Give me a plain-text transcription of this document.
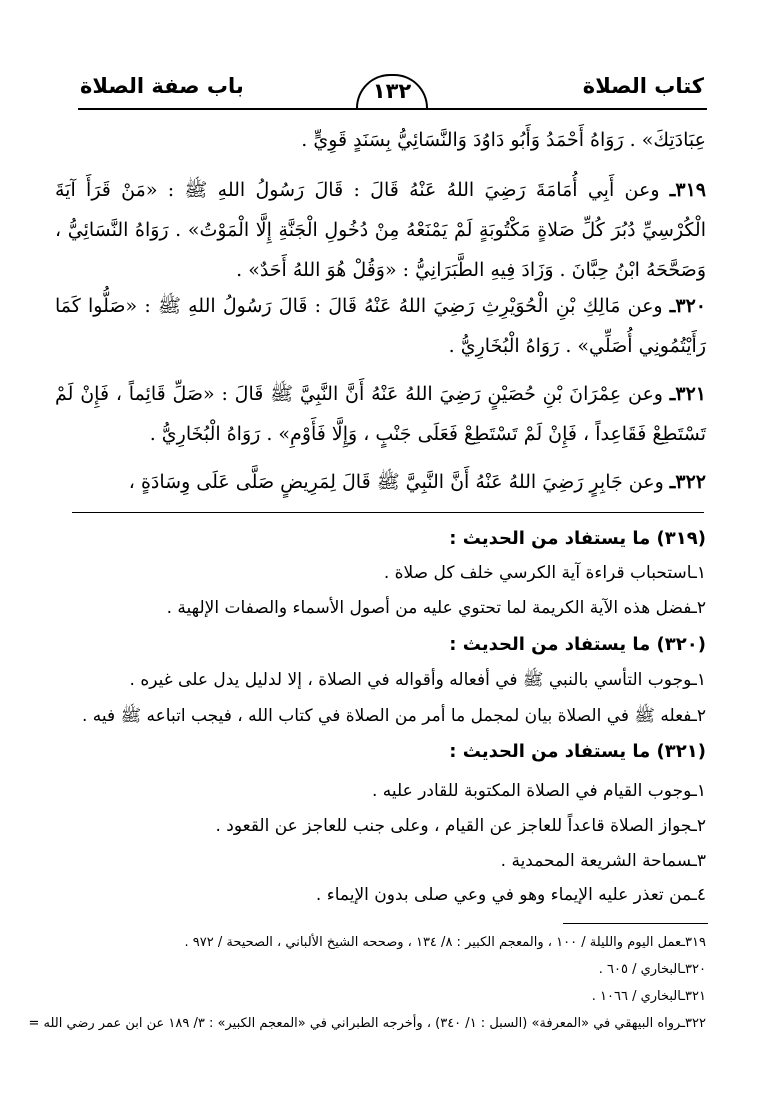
كتاب الصلاة
١٣٢
باب صفة الصلاة

عِبَادَتِكَ» . رَوَاهُ أَحْمَدُ وَأَبُو دَاوُدَ وَالنَّسَائِيُّ بِسَنَدٍ قَوِيٍّ .

٣١٩ـ وعن أَبِي أُمَامَةَ رَضِيَ اللهُ عَنْهُ قَالَ : قَالَ رَسُولُ اللهِ ﷺ : «مَنْ قَرَأَ آيَةَ الْكُرْسِيِّ دُبُرَ كُلِّ صَلاةٍ مَكْتُوبَةٍ لَمْ يَمْنَعْهُ مِنْ دُخُولِ الْجَنَّةِ إِلَّا الْمَوْتُ» . رَوَاهُ النَّسَائِيُّ ، وَصَحَّحَهُ ابْنُ حِبَّانَ . وَزَادَ فِيهِ الطَّبَرَانِيُّ : «وَقُلْ هُوَ اللهُ أَحَدٌ» .

٣٢٠ـ وعن مَالِكِ بْنِ الْحُوَيْرِثِ رَضِيَ اللهُ عَنْهُ قَالَ : قَالَ رَسُولُ اللهِ ﷺ : «صَلُّوا كَمَا رَأَيْتُمُونِي أُصَلِّي» . رَوَاهُ الْبُخَارِيُّ .

٣٢١ـ وعن عِمْرَانَ بْنِ حُصَيْنٍ رَضِيَ اللهُ عَنْهُ أَنَّ النَّبِيَّ ﷺ قَالَ : «صَلِّ قَائِماً ، فَإِنْ لَمْ تَسْتَطِعْ فَقَاعِداً ، فَإِنْ لَمْ تَسْتَطِعْ فَعَلَى جَنْبٍ ، وَإِلَّا فَأَوْمِ» . رَوَاهُ الْبُخَارِيُّ .

٣٢٢ـ وعن جَابِرٍ رَضِيَ اللهُ عَنْهُ أَنَّ النَّبِيَّ ﷺ قَالَ لِمَرِيضٍ صَلَّى عَلَى وِسَادَةٍ ،

(٣١٩) ما يستفاد من الحديث :
١ـاستحباب قراءة آية الكرسي خلف كل صلاة .
٢ـفضل هذه الآية الكريمة لما تحتوي عليه من أصول الأسماء والصفات الإلهية .
(٣٢٠) ما يستفاد من الحديث :
١ـوجوب التأسي بالنبي ﷺ في أفعاله وأقواله في الصلاة ، إلا لدليل يدل على غيره .
٢ـفعله ﷺ في الصلاة بيان لمجمل ما أمر من الصلاة في كتاب الله ، فيجب اتباعه ﷺ فيه .
(٣٢١) ما يستفاد من الحديث :
١ـوجوب القيام في الصلاة المكتوبة للقادر عليه .
٢ـجواز الصلاة قاعداً للعاجز عن القيام ، وعلى جنب للعاجز عن القعود .
٣ـسماحة الشريعة المحمدية .
٤ـمن تعذر عليه الإيماء وهو في وعي صلى بدون الإيماء .
٣١٩ـعمل اليوم والليلة / ١٠٠ ، والمعجم الكبير : ٨/ ١٣٤ ، وصححه الشيخ الألباني ، الصحيحة / ٩٧٢ .
٣٢٠ـالبخاري / ٦٠٥ .
٣٢١ـالبخاري / ١٠٦٦ .
٣٢٢ـرواه البيهقي في «المعرفة» (السبل : ١/ ٣٤٠) ، وأخرجه الطبراني في «المعجم الكبير» : ٣/ ١٨٩ عن ابن عمر رضي الله =
